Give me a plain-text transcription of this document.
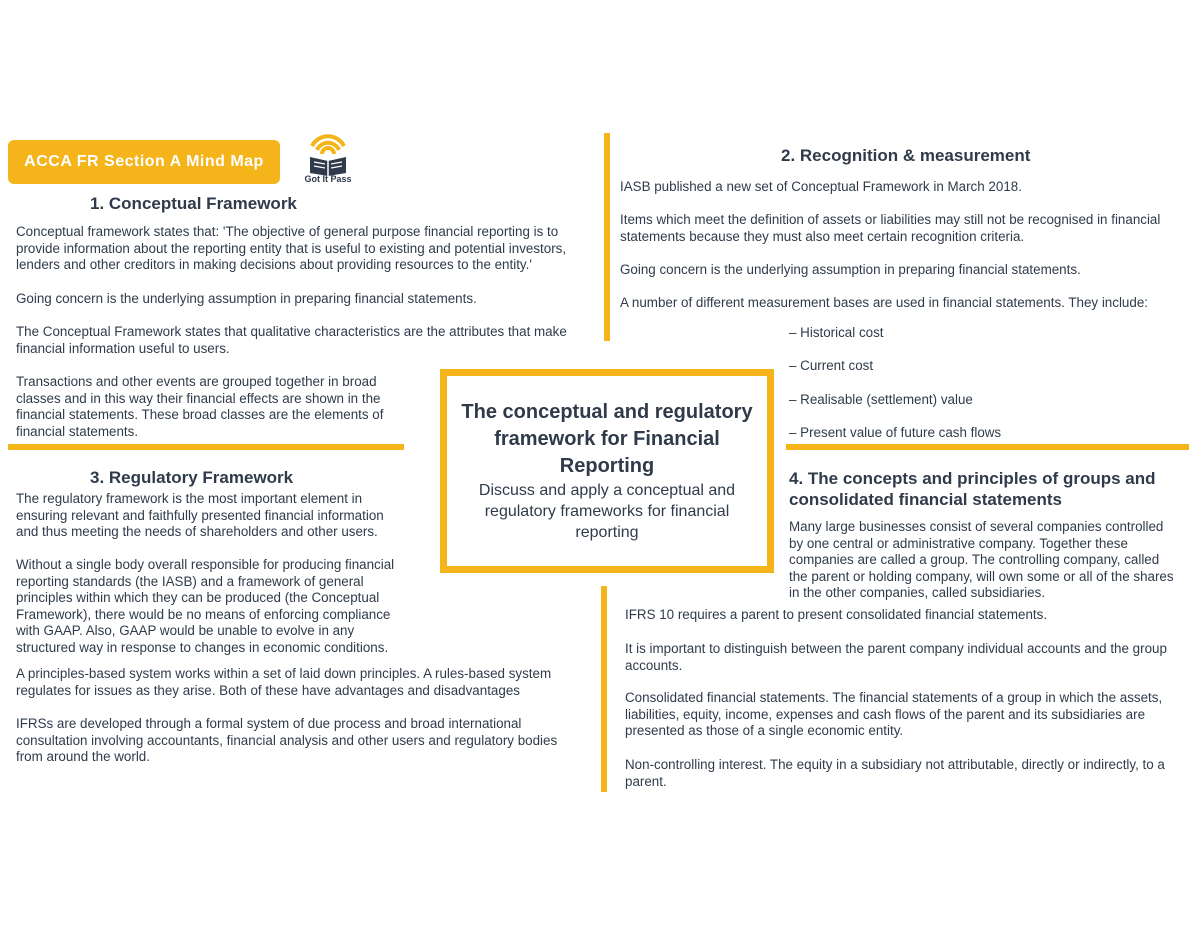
ACCA FR Section A Mind Map
Got It Pass
1. Conceptual Framework

Conceptual framework states that: 'The objective of general purpose financial reporting is to provide information about the reporting entity that is useful to existing and potential investors, lenders and other creditors in making decisions about providing resources to the entity.'

Going concern is the underlying assumption in preparing financial statements.

The Conceptual Framework states that qualitative characteristics are the attributes that make financial information useful to users.

Transactions and other events are grouped together in broad classes and in this way their financial effects are shown in the financial statements. These broad classes are the elements of financial statements.

2. Recognition & measurement

IASB published a new set of Conceptual Framework in March 2018.

Items which meet the definition of assets or liabilities may still not be recognised in financial statements because they must also meet certain recognition criteria.

Going concern is the underlying assumption in preparing financial statements.

A number of different measurement bases are used in financial statements. They include:

– Historical cost
– Current cost
– Realisable (settlement) value
– Present value of future cash flows
The conceptual and regulatory framework for Financial Reporting
Discuss and apply a conceptual and regulatory frameworks for financial reporting
3. Regulatory Framework

The regulatory framework is the most important element in ensuring relevant and faithfully presented financial information and thus meeting the needs of shareholders and other users.

Without a single body overall responsible for producing financial reporting standards (the IASB) and a framework of general principles within which they can be produced (the Conceptual Framework), there would be no means of enforcing compliance with GAAP. Also, GAAP would be unable to evolve in any structured way in response to changes in economic conditions.

A principles-based system works within a set of laid down principles. A rules-based system regulates for issues as they arise. Both of these have advantages and disadvantages

IFRSs are developed through a formal system of due process and broad international consultation involving accountants, financial analysis and other users and regulatory bodies from around the world.

4. The concepts and principles of groups and consolidated financial statements

Many large businesses consist of several companies controlled by one central or administrative company. Together these companies are called a group. The controlling company, called the parent or holding company, will own some or all of the shares in the other companies, called subsidiaries.

IFRS 10 requires a parent to present consolidated financial statements.

It is important to distinguish between the parent company individual accounts and the group accounts.

Consolidated financial statements. The financial statements of a group in which the assets, liabilities, equity, income, expenses and cash flows of the parent and its subsidiaries are presented as those of a single economic entity.

Non-controlling interest. The equity in a subsidiary not attributable, directly or indirectly, to a parent.
